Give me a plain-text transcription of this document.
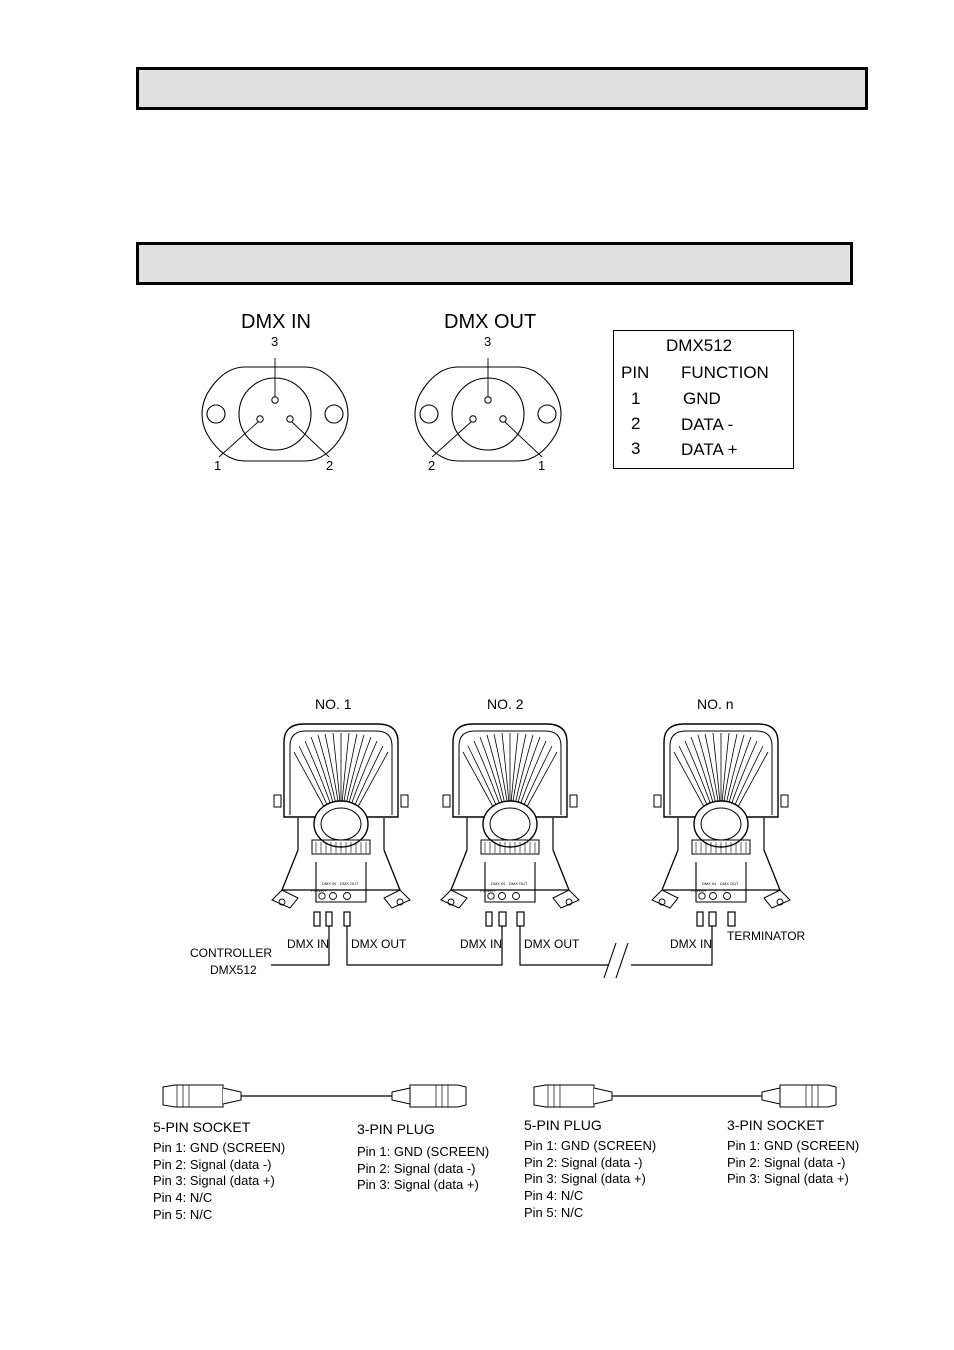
DMX IN
3
1	2
DMX OUT
3
2	1
DMX512
PIN FUNCTION
1	GND
2 DATA -
3 DATA +
NO. 1	NO. 2	NO. n
POWER
DMX IN DMX OUT
POWER
DMX IN DMX OUT
POWER
DMX IN DMX OUT
CONTROLLER
DMX512
DMX IN DMX OUT	DMX IN DMX OUT	DMX IN
TERMINATOR
5-PIN SOCKET
Pin 1: GND (SCREEN)
Pin 2: Signal (data -)
Pin 3: Signal (data +)
Pin 4: N/C
Pin 5: N/C
3-PIN PLUG
Pin 1: GND (SCREEN)
Pin 2: Signal (data -)
Pin 3: Signal (data +)
5-PIN PLUG
Pin 1: GND (SCREEN)
Pin 2: Signal (data -)
Pin 3: Signal (data +)
Pin 4: N/C
Pin 5: N/C
3-PIN SOCKET
Pin 1: GND (SCREEN)
Pin 2: Signal (data -)
Pin 3: Signal (data +)
